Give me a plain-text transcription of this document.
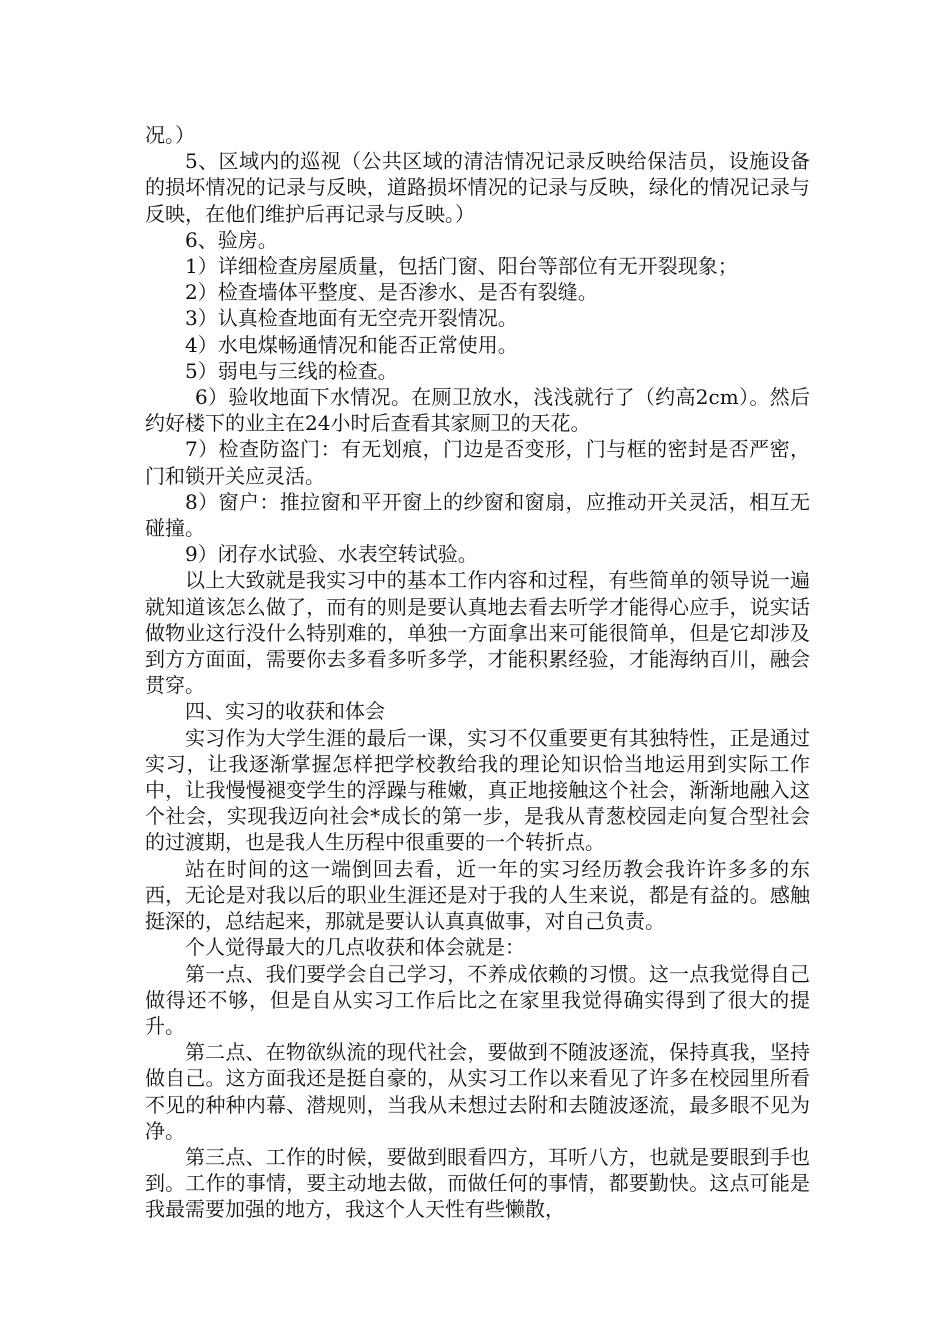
况。）

5、区域内的巡视（公共区域的清洁情况记录反映给保洁员，设施设备的损坏情况的记录与反映，道路损坏情况的记录与反映，绿化的情况记录与反映，在他们维护后再记录与反映。）

6、验房。

1）详细检查房屋质量，包括门窗、阳台等部位有无开裂现象；

2）检查墙体平整度、是否渗水、是否有裂缝。

3）认真检查地面有无空壳开裂情况。

4）水电煤畅通情况和能否正常使用。

5）弱电与三线的检查。

6）验收地面下水情况。在厕卫放水，浅浅就行了（约高2cm）。然后约好楼下的业主在24小时后查看其家厕卫的天花。

7）检查防盗门：有无划痕，门边是否变形，门与框的密封是否严密，门和锁开关应灵活。

8）窗户：推拉窗和平开窗上的纱窗和窗扇，应推动开关灵活，相互无碰撞。

9）闭存水试验、水表空转试验。

以上大致就是我实习中的基本工作内容和过程，有些简单的领导说一遍就知道该怎么做了，而有的则是要认真地去看去听学才能得心应手，说实话做物业这行没什么特别难的，单独一方面拿出来可能很简单，但是它却涉及到方方面面，需要你去多看多听多学，才能积累经验，才能海纳百川，融会贯穿。

四、实习的收获和体会

实习作为大学生涯的最后一课，实习不仅重要更有其独特性，正是通过实习，让我逐渐掌握怎样把学校教给我的理论知识恰当地运用到实际工作中，让我慢慢褪变学生的浮躁与稚嫩，真正地接触这个社会，渐渐地融入这个社会，实现我迈向社会*成长的第一步，是我从青葱校园走向复合型社会的过渡期，也是我人生历程中很重要的一个转折点。

站在时间的这一端倒回去看，近一年的实习经历教会我许许多多的东西，无论是对我以后的职业生涯还是对于我的人生来说，都是有益的。感触挺深的，总结起来，那就是要认认真真做事，对自己负责。

个人觉得最大的几点收获和体会就是：

第一点、我们要学会自己学习，不养成依赖的习惯。这一点我觉得自己做得还不够，但是自从实习工作后比之在家里我觉得确实得到了很大的提升。

第二点、在物欲纵流的现代社会，要做到不随波逐流，保持真我，坚持做自己。这方面我还是挺自豪的，从实习工作以来看见了许多在校园里所看不见的种种内幕、潜规则，当我从未想过去附和去随波逐流，最多眼不见为净。

第三点、工作的时候，要做到眼看四方，耳听八方，也就是要眼到手也到。工作的事情，要主动地去做，而做任何的事情，都要勤快。这点可能是我最需要加强的地方，我这个人天性有些懒散，
